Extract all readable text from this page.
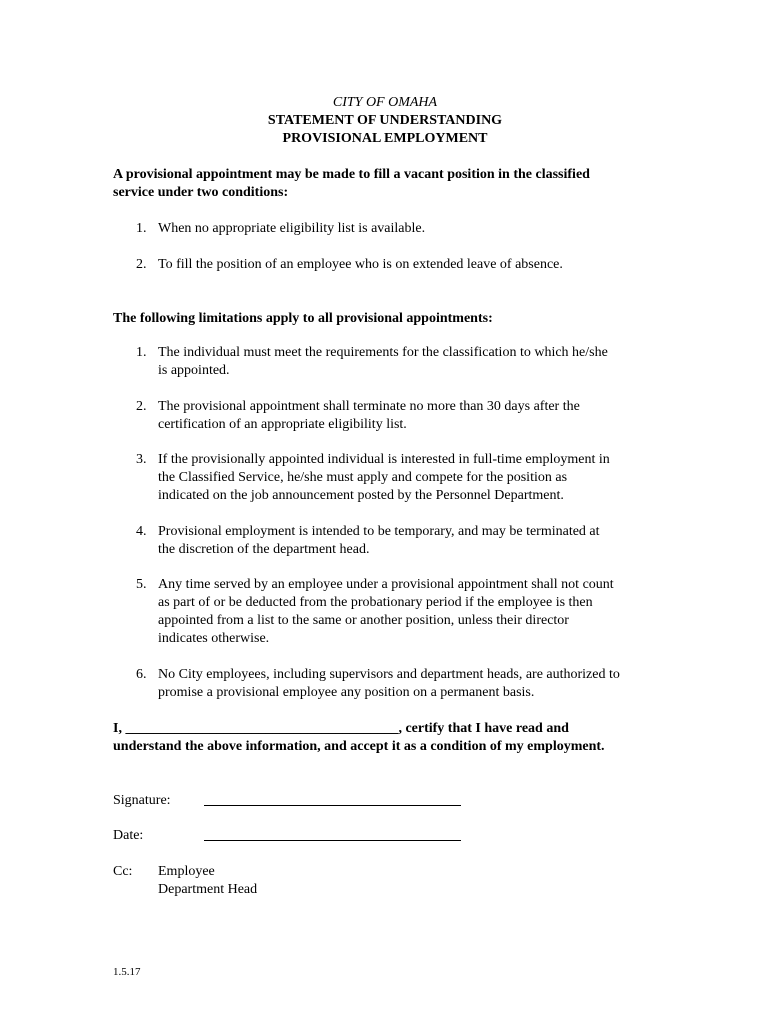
CITY OF OMAHA
STATEMENT OF UNDERSTANDING
PROVISIONAL EMPLOYMENT
A provisional appointment may be made to fill a vacant position in the classified
service under two conditions:
1. When no appropriate eligibility list is available.
2. To fill the position of an employee who is on extended leave of absence.
The following limitations apply to all provisional appointments:
1. The individual must meet the requirements for the classification to which he/she
is appointed.
2. The provisional appointment shall terminate no more than 30 days after the
certification of an appropriate eligibility list.
3. If the provisionally appointed individual is interested in full-time employment in
the Classified Service, he/she must apply and compete for the position as
indicated on the job announcement posted by the Personnel Department.
4. Provisional employment is intended to be temporary, and may be terminated at
the discretion of the department head.
5. Any time served by an employee under a provisional appointment shall not count
as part of or be deducted from the probationary period if the employee is then
appointed from a list to the same or another position, unless their director
indicates otherwise.
6. No City employees, including supervisors and department heads, are authorized to
promise a provisional employee any position on a permanent basis.
I, _______________________________________, certify that I have read and
understand the above information, and accept it as a condition of my employment.
Signature:
Date:
Cc: Employee
Department Head
1.5.17
